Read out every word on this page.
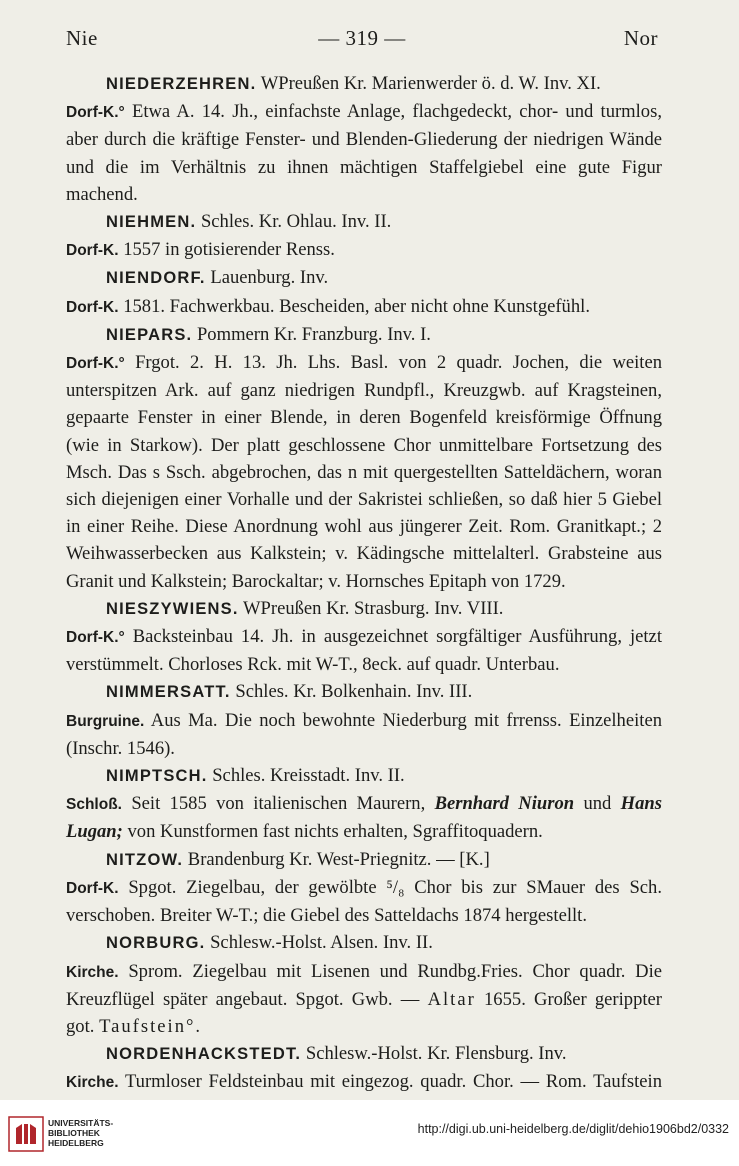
Nie	— 319 —	Nor

NIEDERZEHREN. WPreußen Kr. Marienwerder ö. d. W. Inv. XI.

Dorf-K.° Etwa A. 14. Jh., einfachste Anlage, flachgedeckt, chor- und turmlos, aber durch die kräftige Fenster- und Blenden-Gliederung der niedrigen Wände und die im Verhältnis zu ihnen mächtigen Staffelgiebel eine gute Figur machend.

NIEHMEN. Schles. Kr. Ohlau. Inv. II.

Dorf-K. 1557 in gotisierender Renss.

NIENDORF. Lauenburg. Inv.

Dorf-K. 1581. Fachwerkbau. Bescheiden, aber nicht ohne Kunstgefühl.

NIEPARS. Pommern Kr. Franzburg. Inv. I.

Dorf-K.° Frgot. 2. H. 13. Jh. Lhs. Basl. von 2 quadr. Jochen, die weiten unterspitzen Ark. auf ganz niedrigen Rundpfl., Kreuzgwb. auf Kragsteinen, gepaarte Fenster in einer Blende, in deren Bogenfeld kreisförmige Öffnung (wie in Starkow). Der platt geschlossene Chor unmittelbare Fortsetzung des Msch. Das s Ssch. abgebrochen, das n mit quergestellten Satteldächern, woran sich diejenigen einer Vorhalle und der Sakristei schließen, so daß hier 5 Giebel in einer Reihe. Diese Anordnung wohl aus jüngerer Zeit. Rom. Granitkapt.; 2 Weihwasserbecken aus Kalkstein; v. Kädingsche mittelalterl. Grabsteine aus Granit und Kalkstein; Barockaltar; v. Hornsches Epitaph von 1729.

NIESZYWIENS. WPreußen Kr. Strasburg. Inv. VIII.

Dorf-K.° Backsteinbau 14. Jh. in ausgezeichnet sorgfältiger Ausführung, jetzt verstümmelt. Chorloses Rck. mit W-T., 8eck. auf quadr. Unterbau.

NIMMERSATT. Schles. Kr. Bolkenhain. Inv. III.

Burgruine. Aus Ma. Die noch bewohnte Niederburg mit frrenss. Einzelheiten (Inschr. 1546).

NIMPTSCH. Schles. Kreisstadt. Inv. II.

Schloß. Seit 1585 von italienischen Maurern, Bernhard Niuron und Hans Lugan; von Kunstformen fast nichts erhalten, Sgraffitoquadern.

NITZOW. Brandenburg Kr. West-Priegnitz. — [K.]

Dorf-K. Spgot. Ziegelbau, der gewölbte ⁵/₈ Chor bis zur SMauer des Sch. verschoben. Breiter W-T.; die Giebel des Satteldachs 1874 hergestellt.

NORBURG. Schlesw.-Holst. Alsen. Inv. II.

Kirche. Sprom. Ziegelbau mit Lisenen und Rundbg.Fries. Chor quadr. Die Kreuzflügel später angebaut. Spgot. Gwb. — Altar 1655. Großer gerippter got. Taufstein°.

NORDENHACKSTEDT. Schlesw.-Holst. Kr. Flensburg. Inv.

Kirche. Turmloser Feldsteinbau mit eingezog. quadr. Chor. — Rom. Taufstein

UNIVERSITÄTS-
BIBLIOTHEK
HEIDELBERG
http://digi.ub.uni-heidelberg.de/diglit/dehio1906bd2/0332
